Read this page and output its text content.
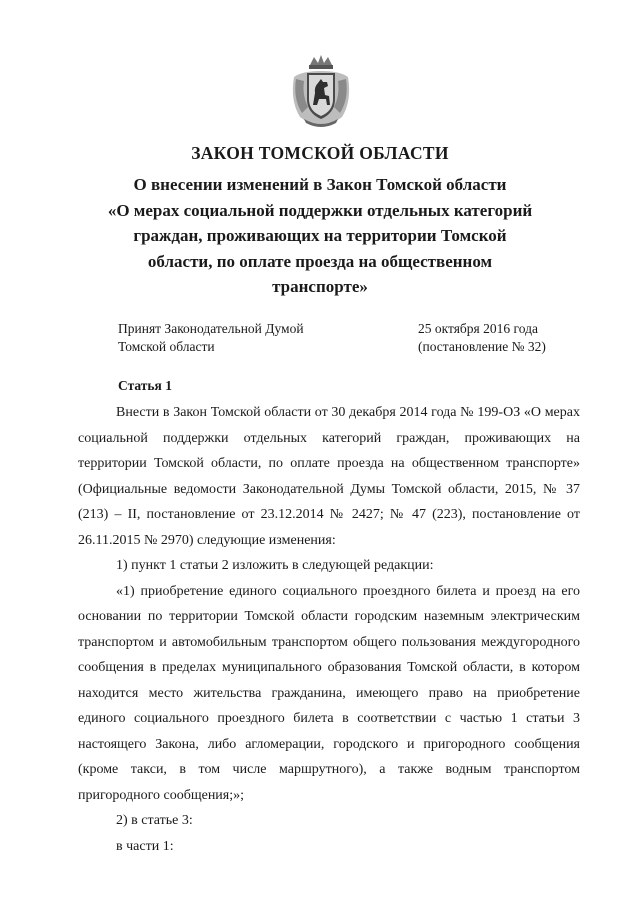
ЗАКОН ТОМСКОЙ ОБЛАСТИ
О внесении изменений в Закон Томской области
«О мерах социальной поддержки отдельных категорий
граждан, проживающих на территории Томской
области, по оплате проезда на общественном
транспорте»
Принят Законодательной Думой
Томской области
25 октября 2016 года
(постановление № 32)
Статья 1

Внести в Закон Томской области от 30 декабря 2014 года № 199-ОЗ «О мерах социальной поддержки отдельных категорий граждан, проживающих на территории Томской области, по оплате проезда на общественном транспорте» (Официальные ведомости Законодательной Думы Томской области, 2015, № 37 (213) – II, постановление от 23.12.2014 № 2427; № 47 (223), постановление от 26.11.2015 № 2970) следующие изменения:

1) пункт 1 статьи 2 изложить в следующей редакции:

«1) приобретение единого социального проездного билета и проезд на его основании по территории Томской области городским наземным электрическим транспортом и автомобильным транспортом общего пользования междугородного сообщения в пределах муниципального образования Томской области, в котором находится место жительства гражданина, имеющего право на приобретение единого социального проездного билета в соответствии с частью 1 статьи 3 настоящего Закона, либо агломерации, городского и пригородного сообщения (кроме такси, в том числе маршрутного), а также водным транспортом пригородного сообщения;»;

2) в статье 3:

в части 1:
